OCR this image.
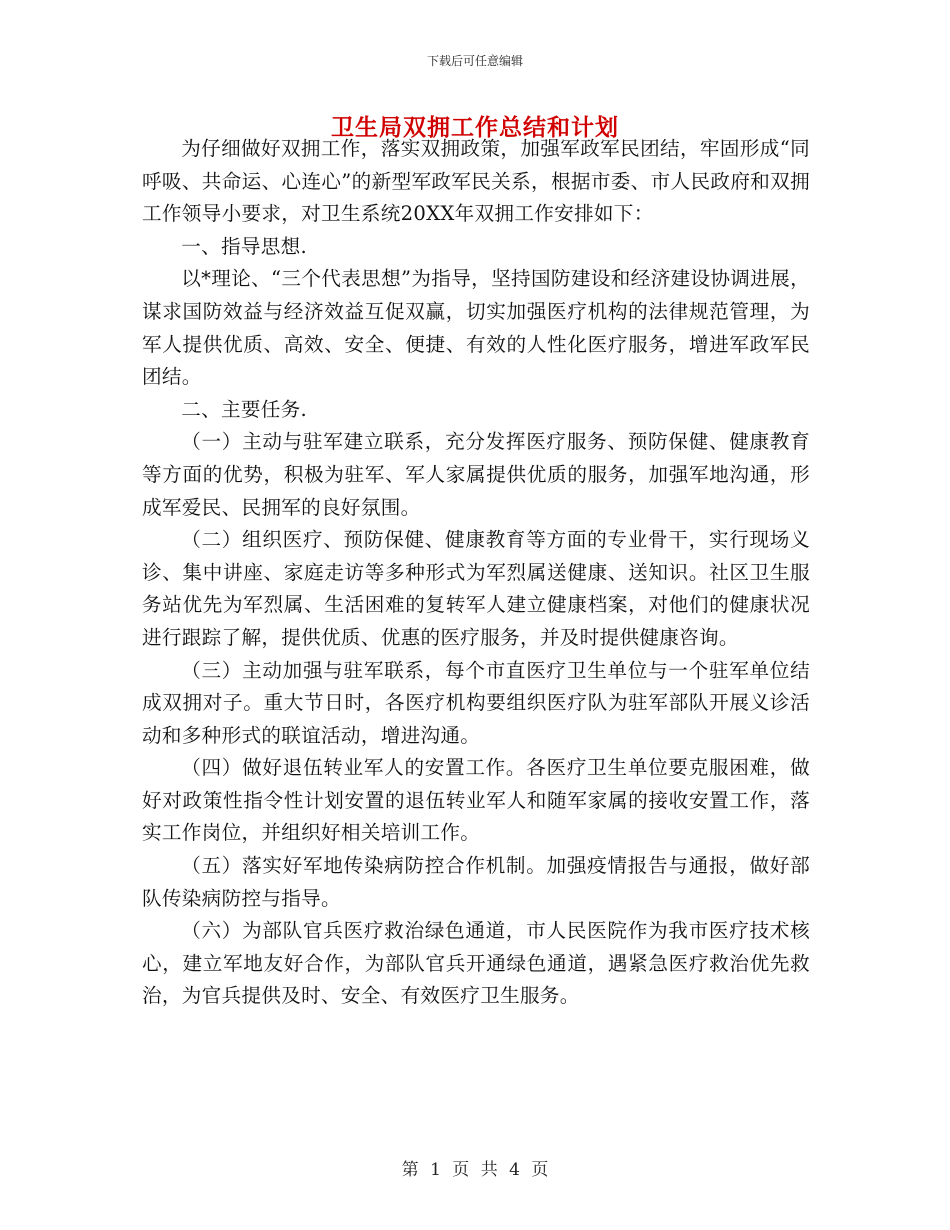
下载后可任意编辑
卫生局双拥工作总结和计划

为仔细做好双拥工作，落实双拥政策，加强军政军民团结，牢固形成“同呼吸、共命运、心连心”的新型军政军民关系，根据市委、市人民政府和双拥工作领导小要求，对卫生系统20XX年双拥工作安排如下：

一、指导思想.

以*理论、“三个代表思想”为指导，坚持国防建设和经济建设协调进展，谋求国防效益与经济效益互促双赢，切实加强医疗机构的法律规范管理，为军人提供优质、高效、安全、便捷、有效的人性化医疗服务，增进军政军民团结。

二、主要任务.

（一）主动与驻军建立联系，充分发挥医疗服务、预防保健、健康教育等方面的优势，积极为驻军、军人家属提供优质的服务，加强军地沟通，形成军爱民、民拥军的良好氛围。

（二）组织医疗、预防保健、健康教育等方面的专业骨干，实行现场义诊、集中讲座、家庭走访等多种形式为军烈属送健康、送知识。社区卫生服务站优先为军烈属、生活困难的复转军人建立健康档案，对他们的健康状况进行跟踪了解，提供优质、优惠的医疗服务，并及时提供健康咨询。

（三）主动加强与驻军联系，每个市直医疗卫生单位与一个驻军单位结成双拥对子。重大节日时，各医疗机构要组织医疗队为驻军部队开展义诊活动和多种形式的联谊活动，增进沟通。

（四）做好退伍转业军人的安置工作。各医疗卫生单位要克服困难，做好对政策性指令性计划安置的退伍转业军人和随军家属的接收安置工作，落实工作岗位，并组织好相关培训工作。

（五）落实好军地传染病防控合作机制。加强疫情报告与通报，做好部队传染病防控与指导。

（六）为部队官兵医疗救治绿色通道，市人民医院作为我市医疗技术核心，建立军地友好合作，为部队官兵开通绿色通道，遇紧急医疗救治优先救治，为官兵提供及时、安全、有效医疗卫生服务。

第 1 页 共 4 页
